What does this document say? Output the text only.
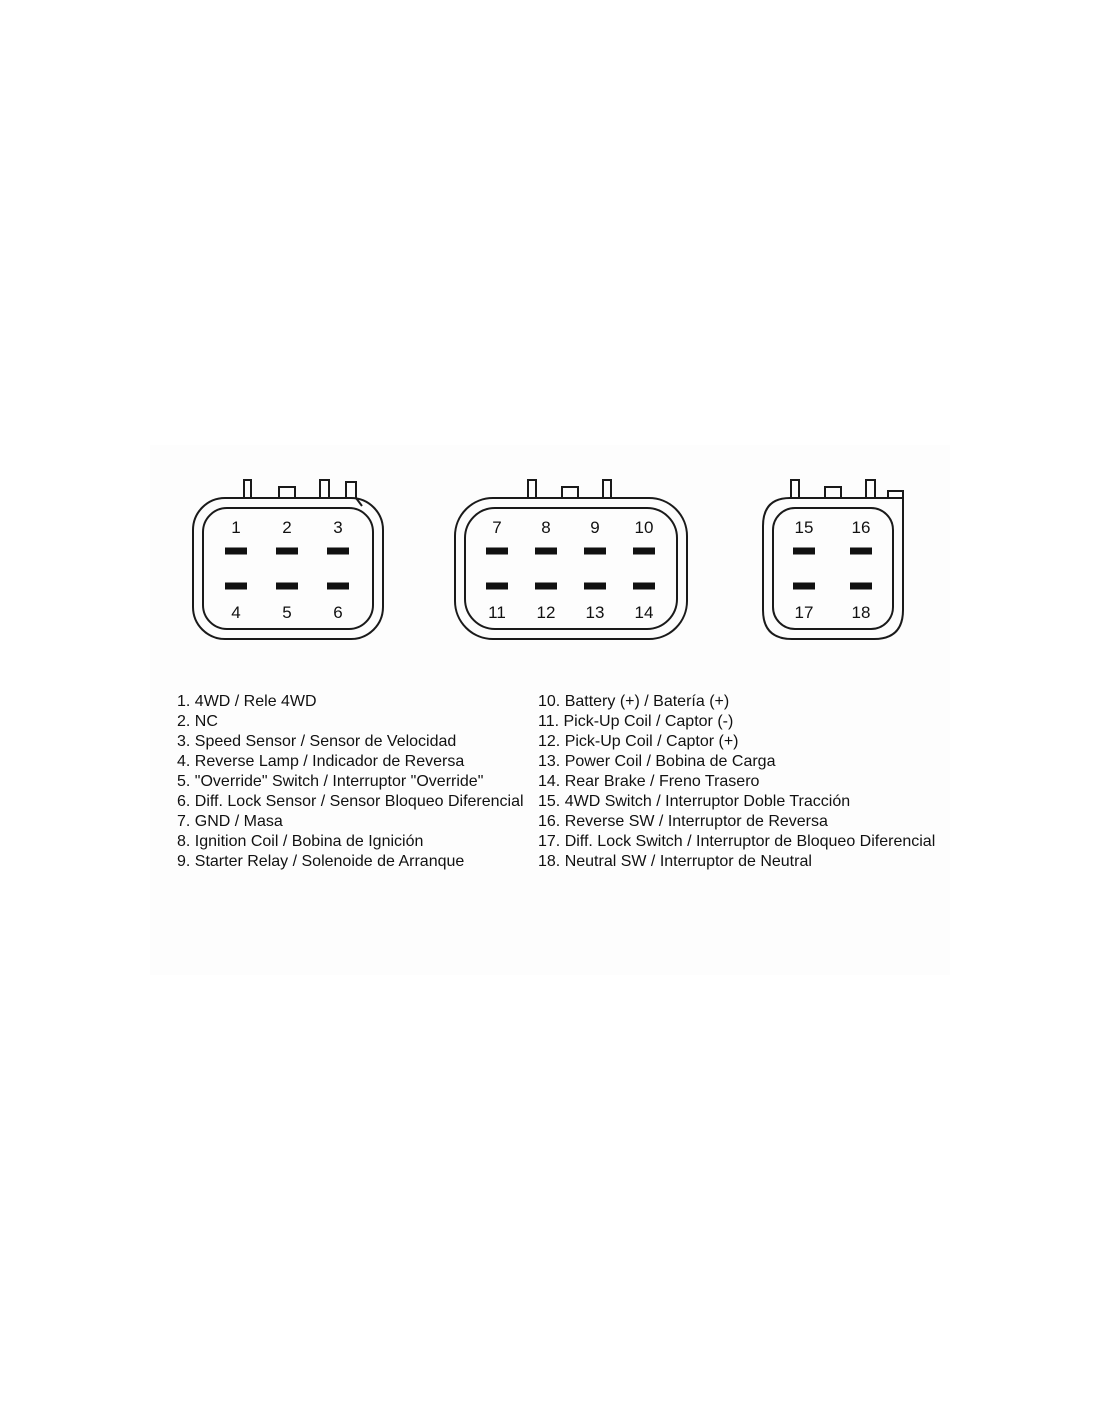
1 2 3
4 5 6
7 8 9 10
11 12 13 14
15 16
17 18
1. 4WD / Rele 4WD
2. NC
3. Speed Sensor / Sensor de Velocidad
4. Reverse Lamp / Indicador de Reversa
5. "Override" Switch / Interruptor "Override"
6. Diff. Lock Sensor / Sensor Bloqueo Diferencial
7. GND / Masa
8. Ignition Coil / Bobina de Ignición
9. Starter Relay / Solenoide de Arranque
10. Battery (+) / Batería (+)
11. Pick-Up Coil / Captor (-)
12. Pick-Up Coil / Captor (+)
13. Power Coil / Bobina de Carga
14. Rear Brake / Freno Trasero
15. 4WD Switch / Interruptor Doble Tracción
16. Reverse SW / Interruptor de Reversa
17. Diff. Lock Switch / Interruptor de Bloqueo Diferencial
18. Neutral SW / Interruptor de Neutral
